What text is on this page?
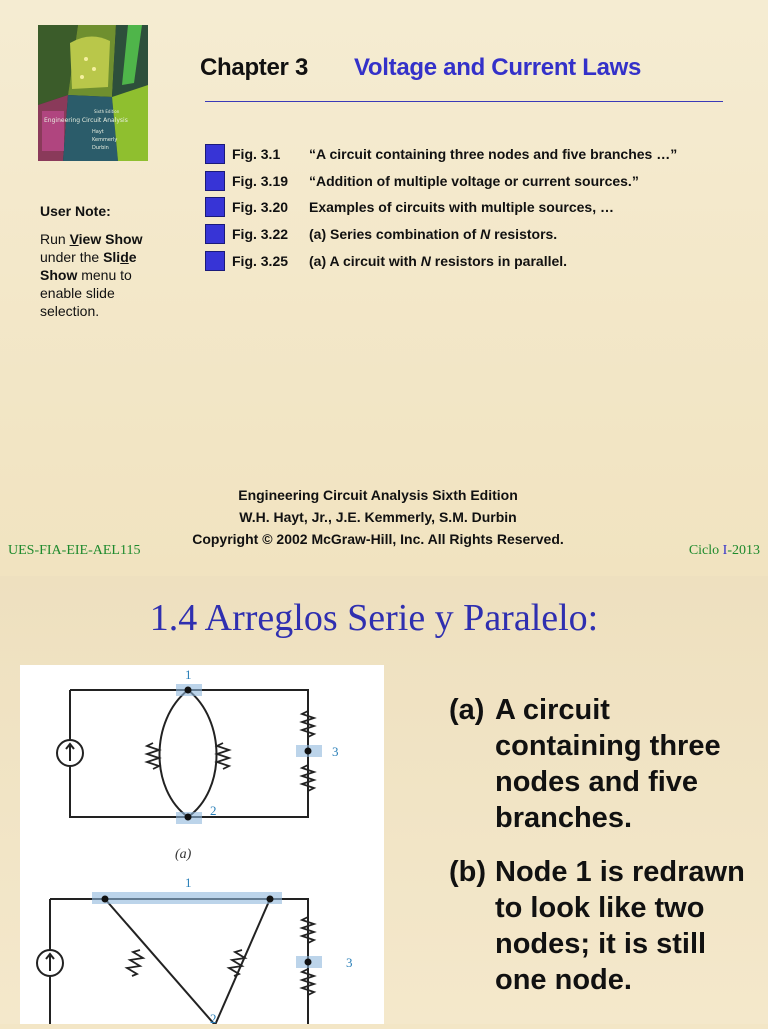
Sixth Edition
Engineering Circuit Analysis
Hayt
Kemmerly
Durbin
Chapter 3 Voltage and Current Laws
Fig. 3.1 “A circuit containing three nodes and five branches …”
Fig. 3.19 “Addition of multiple voltage or current sources.”
Fig. 3.20 Examples of circuits with multiple sources, …
Fig. 3.22 (a) Series combination of N resistors.
Fig. 3.25 (a) A circuit with N resistors in parallel.
User Note:
Run View Show under the Slide
Show menu to enable slide selection.
Engineering Circuit Analysis Sixth Edition
W.H. Hayt, Jr., J.E. Kemmerly, S.M. Durbin
Copyright © 2002 McGraw-Hill, Inc. All Rights Reserved.
UES-FIA-EIE-AEL115	Ciclo I-2013
1.4 Arreglos Serie y Paralelo:
1
2
3
1
2
3
(a)
(a) A circuit containing three nodes and five branches.
(b) Node 1 is redrawn to look like two nodes; it is still one node.
